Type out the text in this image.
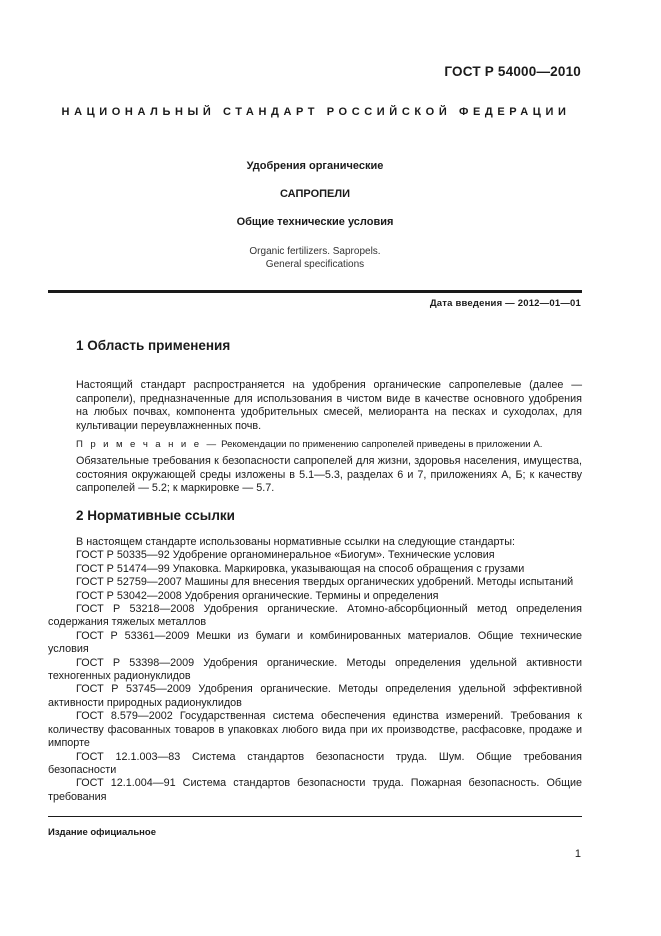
ГОСТ Р 54000—2010
НАЦИОНАЛЬНЫЙ СТАНДАРТ РОССИЙСКОЙ ФЕДЕРАЦИИ
Удобрения органические
САПРОПЕЛИ
Общие технические условия
Organic fertilizers. Sapropels.
General specifications
Дата введения — 2012—01—01
1 Область применения
Настоящий стандарт распространяется на удобрения органические сапропелевые (далее — сапропели), предназначенные для использования в чистом виде в качестве основного удобрения на любых почвах, компонента удобрительных смесей, мелиоранта на песках и суходолах, для культивации переувлажненных почв.
П р и м е ч а н и е — Рекомендации по применению сапропелей приведены в приложении А.
Обязательные требования к безопасности сапропелей для жизни, здоровья населения, имущества, состояния окружающей среды изложены в 5.1—5.3, разделах 6 и 7, приложениях А, Б; к качеству сапропелей — 5.2; к маркировке — 5.7.
2 Нормативные ссылки

В настоящем стандарте использованы нормативные ссылки на следующие стандарты:

ГОСТ Р 50335—92 Удобрение органоминеральное «Биогум». Технические условия

ГОСТ Р 51474—99 Упаковка. Маркировка, указывающая на способ обращения с грузами

ГОСТ Р 52759—2007 Машины для внесения твердых органических удобрений. Методы испытаний

ГОСТ Р 53042—2008 Удобрения органические. Термины и определения

ГОСТ Р 53218—2008 Удобрения органические. Атомно-абсорбционный метод определения содержания тяжелых металлов

ГОСТ Р 53361—2009 Мешки из бумаги и комбинированных материалов. Общие технические условия

ГОСТ Р 53398—2009 Удобрения органические. Методы определения удельной активности техногенных радионуклидов

ГОСТ Р 53745—2009 Удобрения органические. Методы определения удельной эффективной активности природных радионуклидов

ГОСТ 8.579—2002 Государственная система обеспечения единства измерений. Требования к количеству фасованных товаров в упаковках любого вида при их производстве, расфасовке, продаже и импорте

ГОСТ 12.1.003—83 Система стандартов безопасности труда. Шум. Общие требования безопасности

ГОСТ 12.1.004—91 Система стандартов безопасности труда. Пожарная безопасность. Общие требования

Издание официальное
1
